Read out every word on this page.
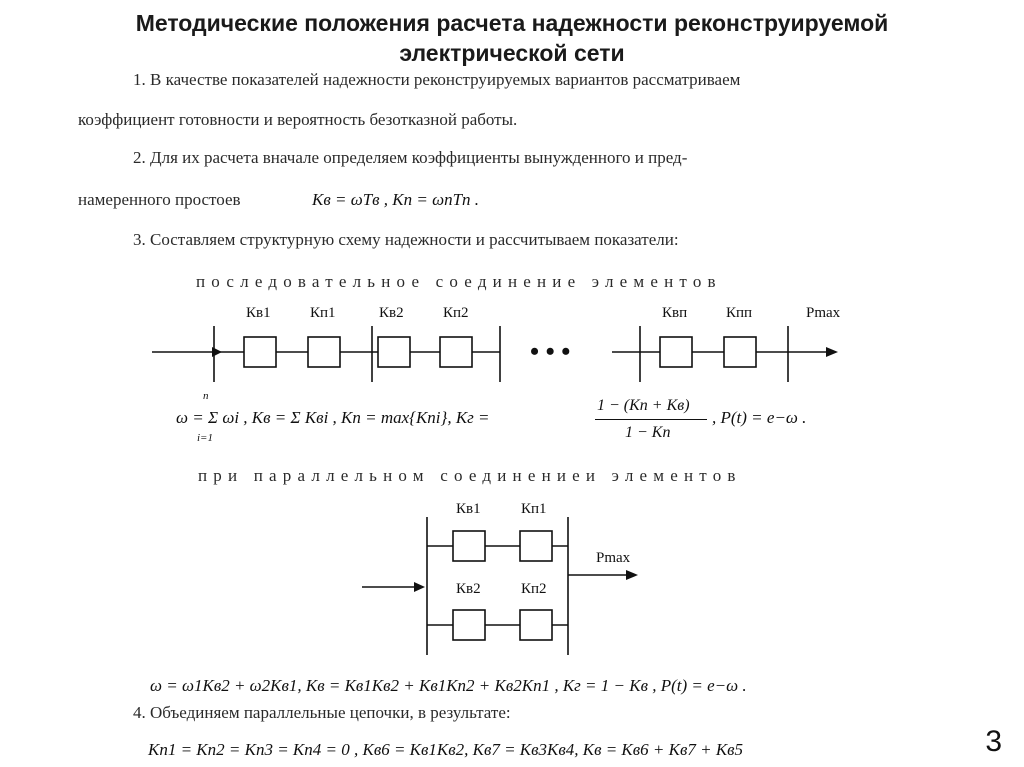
Методические положения расчета надежности реконструируемой
электрической сети
1. В качестве показателей надежности реконструируемых вариантов рассматриваем
коэффициент готовности и вероятность безотказной работы.
2. Для их расчета вначале определяем коэффициенты вынужденного и пред-
намеренного простоев	Kв = ωTв , Kп = ωпTп .
3. Составляем структурную схему надежности и рассчитываем показатели:
последовательное соединение элементов
Кв1	Кп1	Кв2	Кп2
• • •
Квп	Кпп	Pmax
ω = Σ ωi , Kв = Σ Kвi , Kп = max{Kпi}, Kг =
n
i=1
1 − (Kп + Kв)
1 − Kп
, P(t) = e−ω .
при параллельном соединениеи элементов
Кв1	Кп1
Кв2	Кп2
Pmax
ω = ω1Kв2 + ω2Kв1, Kв = Kв1Kв2 + Kв1Kп2 + Kв2Kп1 , Kг = 1 − Kв , P(t) = e−ω .
4. Объединяем параллельные цепочки, в результате:
Kп1 = Kп2 = Kп3 = Kп4 = 0 , Kв6 = Kв1Kв2, Kв7 = Kв3Kв4, Kв = Kв6 + Kв7 + Kв5	3
